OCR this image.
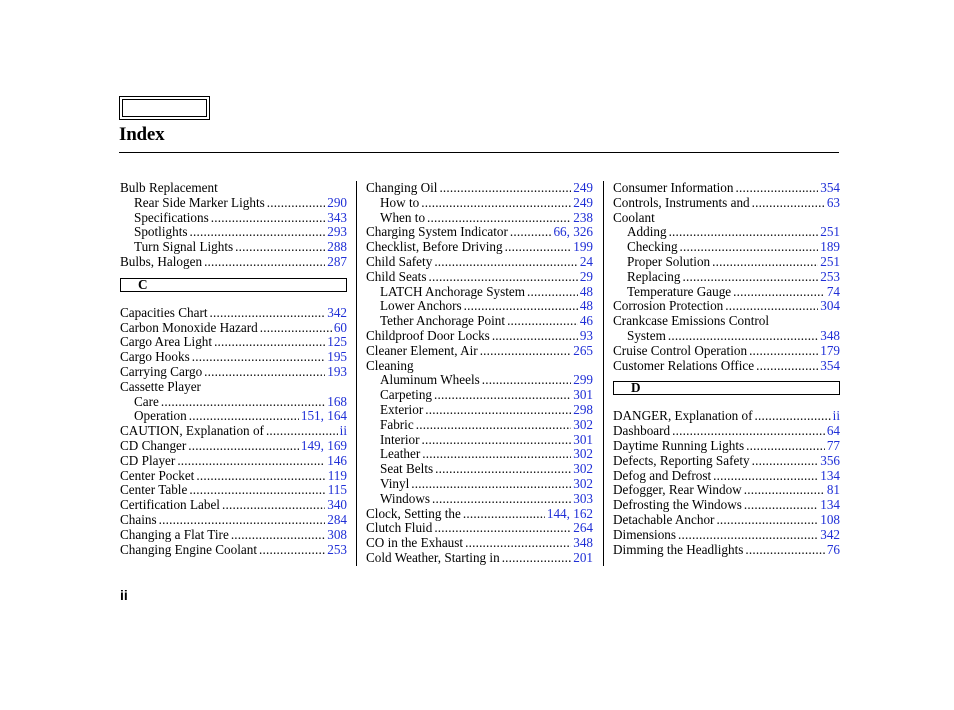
Index
Bulb Replacement
Rear Side Marker Lights .....	290
Specifications .....	343
Spotlights .....	293
Turn Signal Lights .....	288
Bulbs, Halogen .....	287
C
Capacities Chart .....	342
Carbon Monoxide Hazard .....	60
Cargo Area Light .....	125
Cargo Hooks .....	195
Carrying Cargo .....	193
Cassette Player
Care .....	168
Operation .....	151, 164
CAUTION, Explanation of .....	ii
CD Changer .....	149, 169
CD Player .....	146
Center Pocket .....	119
Center Table .....	115
Certification Label .....	340
Chains .....	284
Changing a Flat Tire .....	308
Changing Engine Coolant .....	253
Changing Oil .....	249
How to .....	249
When to .....	238
Charging System Indicator .....	66, 326
Checklist, Before Driving .....	199
Child Safety .....	24
Child Seats .....	29
LATCH Anchorage System .....	48
Lower Anchors .....	48
Tether Anchorage Point .....	46
Childproof Door Locks .....	93
Cleaner Element, Air .....	265
Cleaning
Aluminum Wheels .....	299
Carpeting .....	301
Exterior .....	298
Fabric .....	302
Interior .....	301
Leather .....	302
Seat Belts .....	302
Vinyl .....	302
Windows .....	303
Clock, Setting the .....	144, 162
Clutch Fluid .....	264
CO in the Exhaust .....	348
Cold Weather, Starting in .....	201
Consumer Information .....	354
Controls, Instruments and .....	63
Coolant
Adding .....	251
Checking .....	189
Proper Solution .....	251
Replacing .....	253
Temperature Gauge .....	74
Corrosion Protection .....	304
Crankcase Emissions Control
System .....	348
Cruise Control Operation .....	179
Customer Relations Office .....	354
D
DANGER, Explanation of .....	ii
Dashboard .....	64
Daytime Running Lights .....	77
Defects, Reporting Safety .....	356
Defog and Defrost .....	134
Defogger, Rear Window .....	81
Defrosting the Windows .....	134
Detachable Anchor .....	108
Dimensions .....	342
Dimming the Headlights .....	76
ii
